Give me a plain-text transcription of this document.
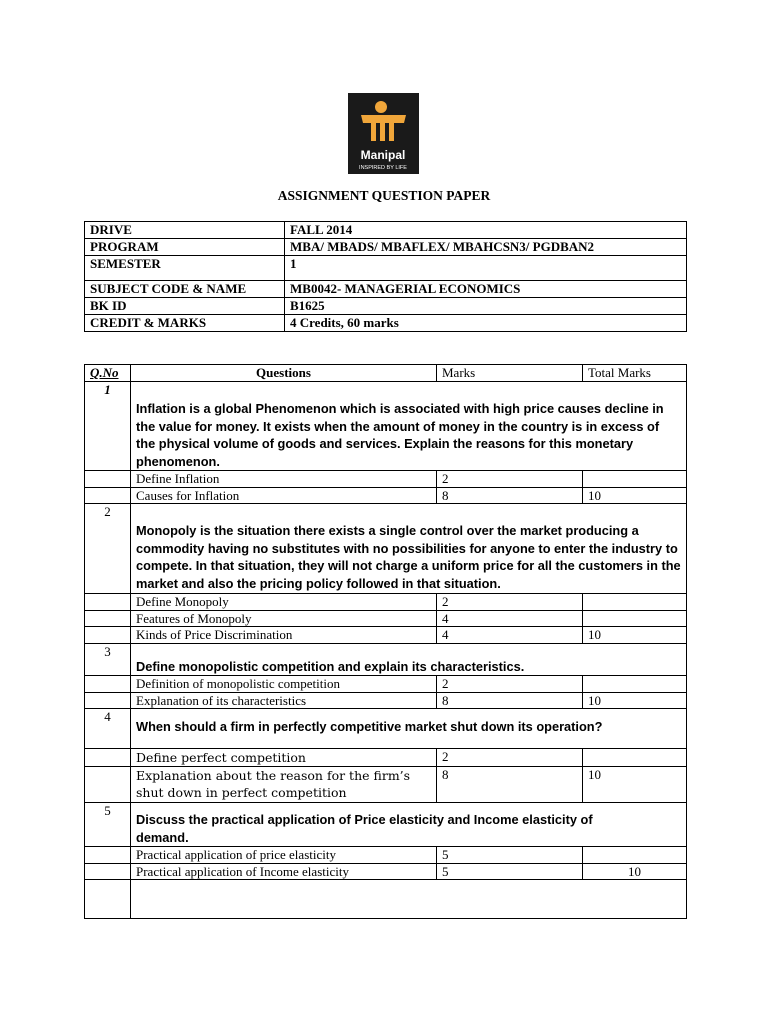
Manipal
INSPIRED BY LIFE
ASSIGNMENT QUESTION PAPER
DRIVE	FALL 2014
PROGRAM	MBA/ MBADS/ MBAFLEX/ MBAHCSN3/ PGDBAN2
SEMESTER	1
SUBJECT CODE & NAME	MB0042- MANAGERIAL ECONOMICS
BK ID	B1625
CREDIT & MARKS	4 Credits, 60 marks
Q.No	Questions	Marks	Total Marks
1	Inflation is a global Phenomenon which is associated with high price causes decline in the value for money. It exists when the amount of money in the country is in excess of the physical volume of goods and services. Explain the reasons for this monetary phenomenon.		
	Define Inflation	2	
	Causes for Inflation	8	10
2	Monopoly is the situation there exists a single control over the market producing a commodity having no substitutes with no possibilities for anyone to enter the industry to compete. In that situation, they will not charge a uniform price for all the customers in the market and also the pricing policy followed in that situation.		
	Define Monopoly	2	
	Features of Monopoly	4	
	Kinds of Price Discrimination	4	10
3	Define monopolistic competition and explain its characteristics.		
	Definition of monopolistic competition	2	
	Explanation of its characteristics	8	10
4	When should a firm in perfectly competitive market shut down its operation?		
	Define perfect competition	2	
	Explanation about the reason for the firm’s shut down in perfect competition	8	10
5	Discuss the practical application of Price elasticity and Income elasticity of demand.		
	Practical application of price elasticity	5	
	Practical application of Income elasticity	5	10
